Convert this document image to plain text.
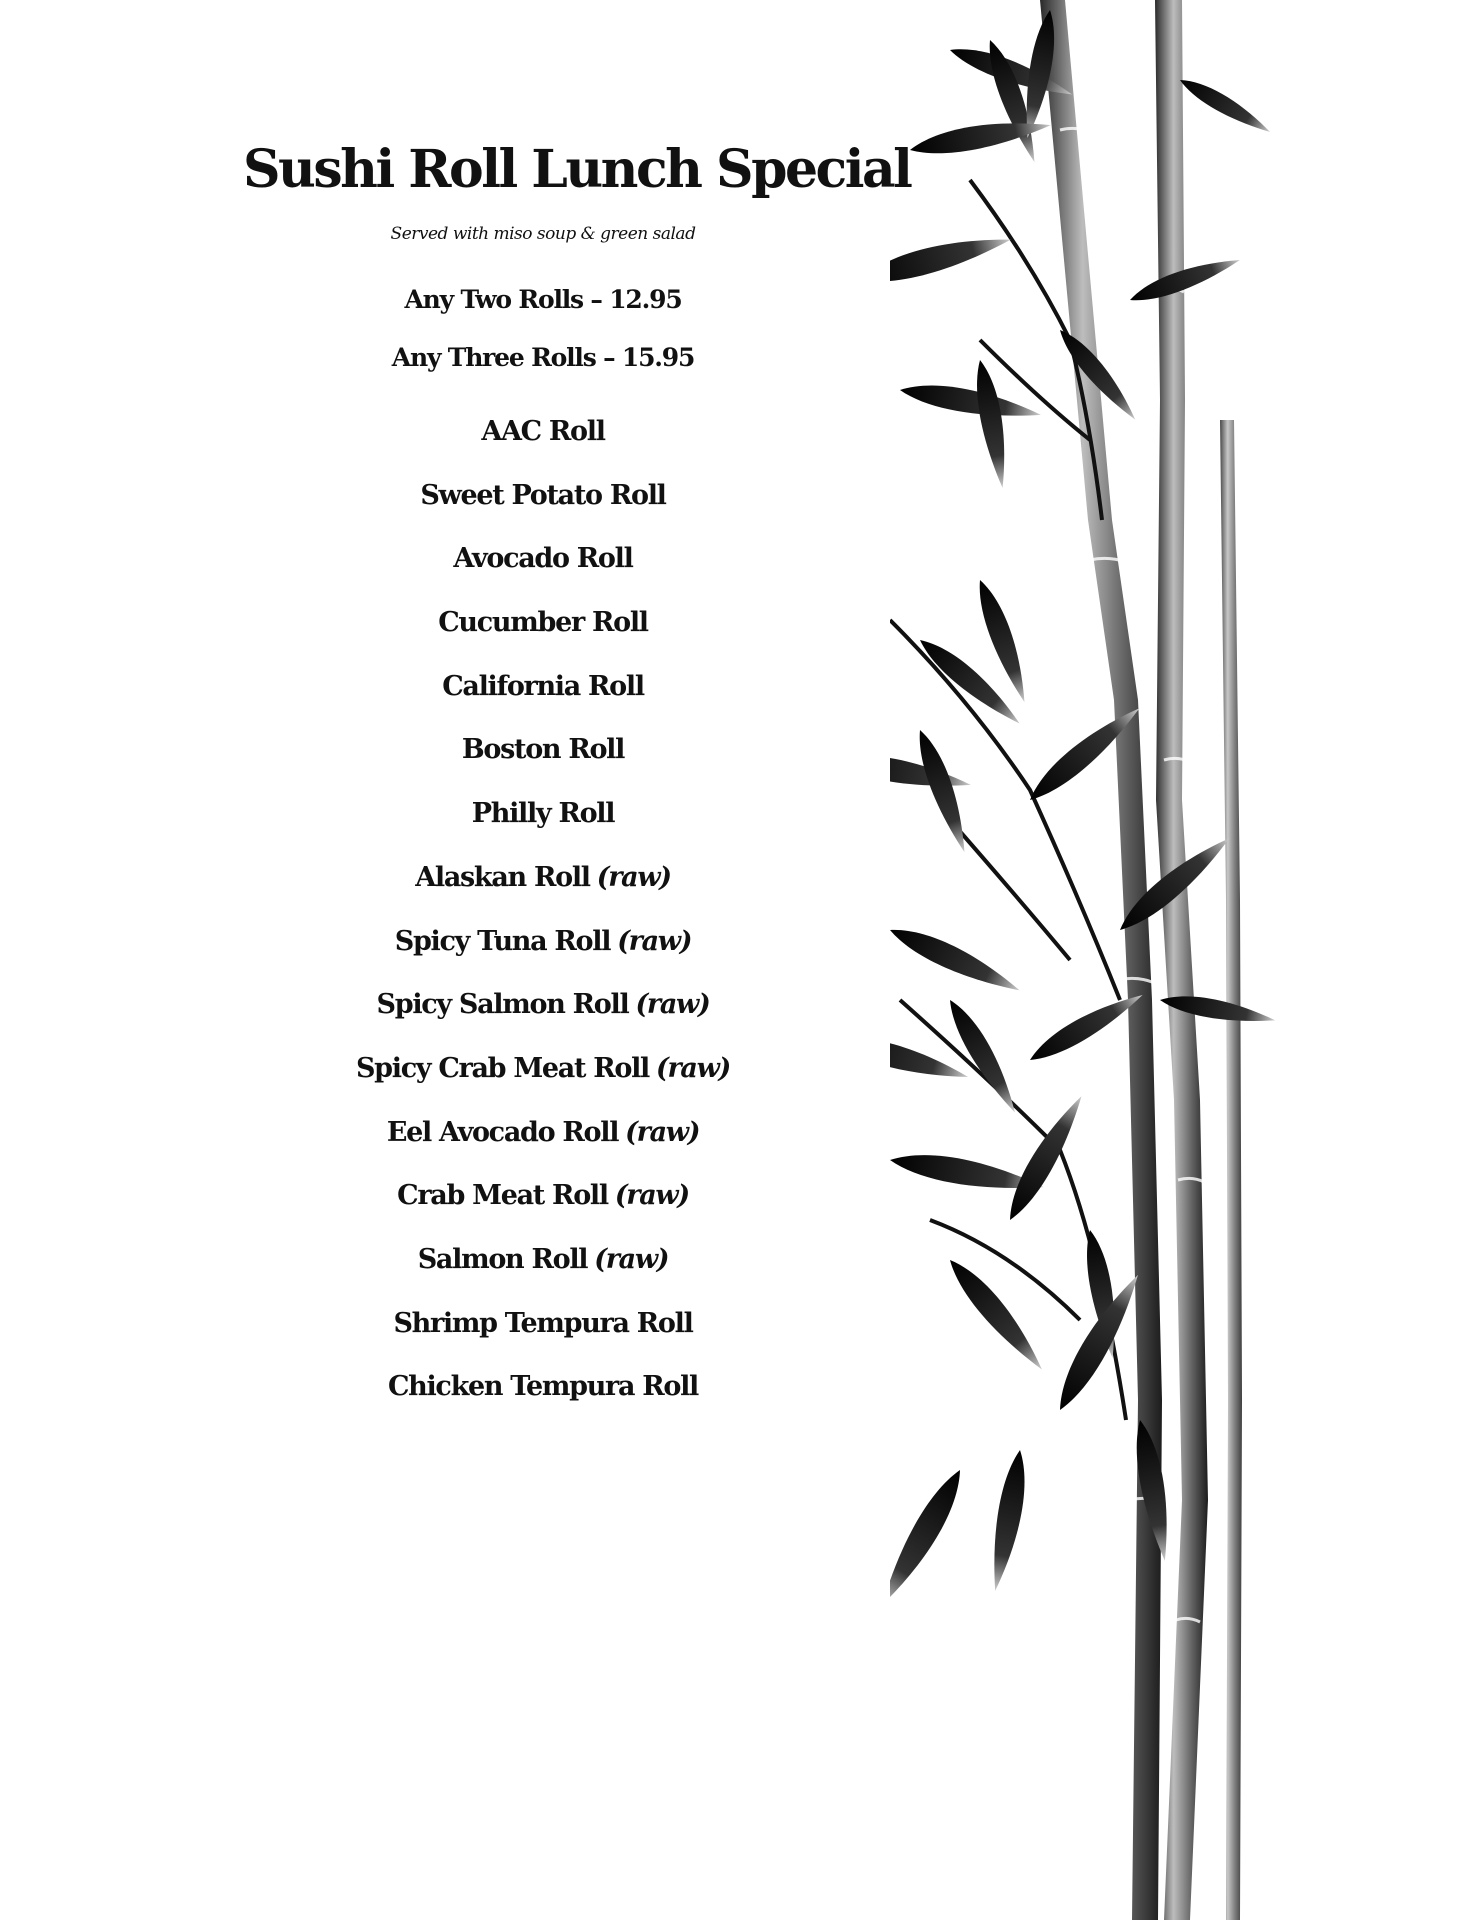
Sushi Roll Lunch Special

Served with miso soup & green salad

Any Two Rolls – 12.95
Any Three Rolls – 15.95
AAC Roll
Sweet Potato Roll
Avocado Roll
Cucumber Roll
California Roll
Boston Roll
Philly Roll
Alaskan Roll (raw)
Spicy Tuna Roll (raw)
Spicy Salmon Roll (raw)
Spicy Crab Meat Roll (raw)
Eel Avocado Roll (raw)
Crab Meat Roll (raw)
Salmon Roll (raw)
Shrimp Tempura Roll
Chicken Tempura Roll
